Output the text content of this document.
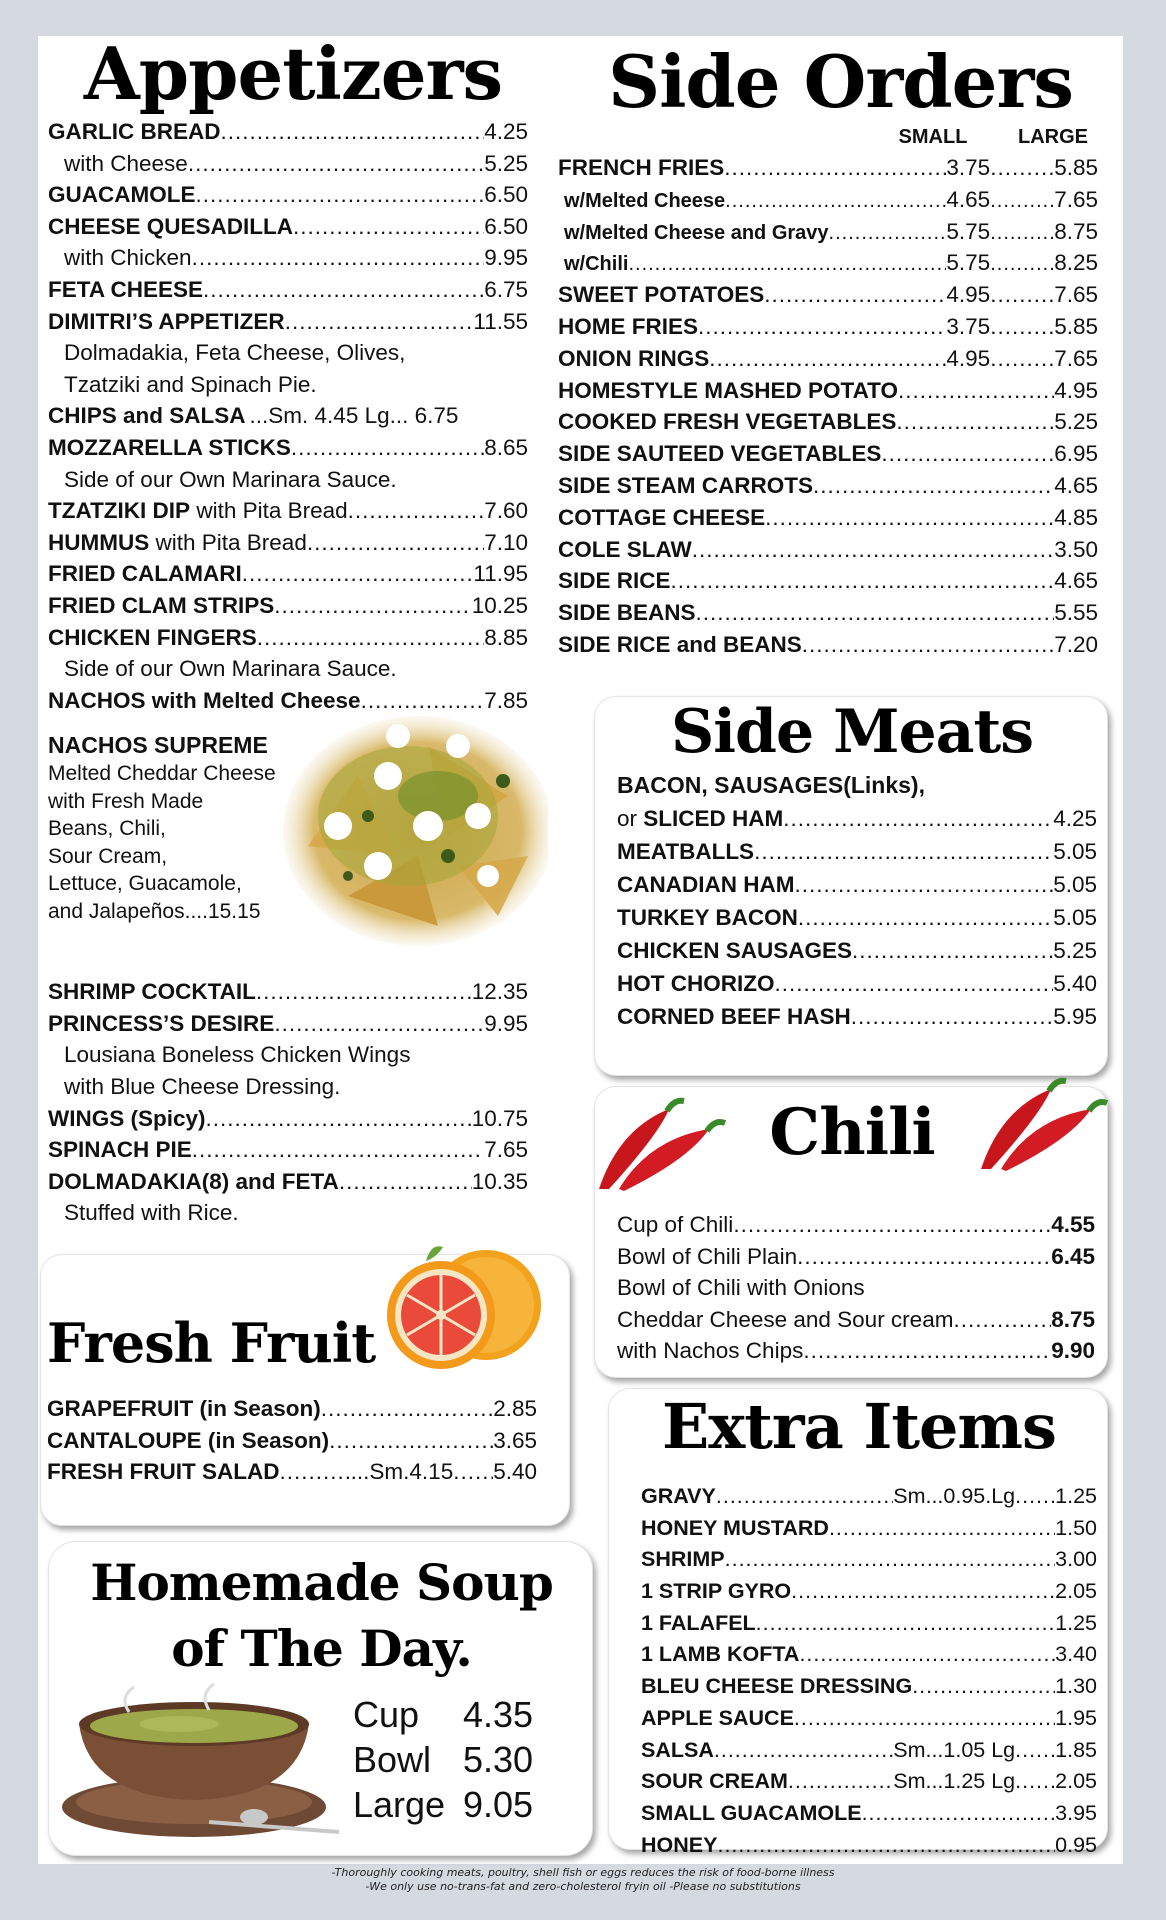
Appetizers
GARLIC BREAD .....	4.25
with Cheese .....	5.25
GUACAMOLE .....	6.50
CHEESE QUESADILLA .....	6.50
with Chicken .....	9.95
FETA CHEESE .....	6.75
DIMITRI’S APPETIZER .....	11.55
Dolmadakia, Feta Cheese, Olives,
Tzatziki and Spinach Pie.
CHIPS and SALSA ...Sm. 4.45 Lg... 6.75
MOZZARELLA STICKS .....	8.65
Side of our Own Marinara Sauce.
TZATZIKI DIP with Pita Bread .....	7.60
HUMMUS with Pita Bread .....	7.10
FRIED CALAMARI .....	11.95
FRIED CLAM STRIPS .....	10.25
CHICKEN FINGERS .....	8.85
Side of our Own Marinara Sauce.
NACHOS with Melted Cheese .....	7.85
NACHOS SUPREME
Melted Cheddar Cheese
with Fresh Made
Beans, Chili,
Sour Cream,
Lettuce, Guacamole,
and Jalapeños....15.15
SHRIMP COCKTAIL .....	12.35
PRINCESS’S DESIRE .....	9.95
Lousiana Boneless Chicken Wings
with Blue Cheese Dressing.
WINGS (Spicy) .....	10.75
SPINACH PIE .....	7.65
DOLMADAKIA(8) and FETA .....	10.35
Stuffed with Rice.
Fresh Fruit
GRAPEFRUIT (in Season) .....	2.85
CANTALOUPE (in Season) .....	3.65
FRESH FRUIT SALAD .....	...Sm.4.15 ..... 5.40
Homemade Soup
of The Day.
Cup	4.35
Bowl 5.30
Large 9.05
Side Orders
SMALL	LARGE
FRENCH FRIES .....	3.75 .....	5.85
w/Melted Cheese .....	4.65 .....	7.65
w/Melted Cheese and Gravy .....	5.75 .....	8.75
w/Chili .....	5.75 .....	8.25
SWEET POTATOES .....	4.95 .....	7.65
HOME FRIES .....	3.75 .....	5.85
ONION RINGS .....	4.95 .....	7.65
HOMESTYLE MASHED POTATO .....	4.95
COOKED FRESH VEGETABLES .....	5.25
SIDE SAUTEED VEGETABLES .....	6.95
SIDE STEAM CARROTS .....	4.65
COTTAGE CHEESE .....	4.85
COLE SLAW .....	3.50
SIDE RICE .....	4.65
SIDE BEANS .....	5.55
SIDE RICE and BEANS .....	7.20
Side Meats
BACON, SAUSAGES(Links),
or SLICED HAM .....	4.25
MEATBALLS .....	5.05
CANADIAN HAM .....	5.05
TURKEY BACON .....	5.05
CHICKEN SAUSAGES .....	5.25
HOT CHORIZO .....	5.40
CORNED BEEF HASH .....	5.95
Chili
Cup of Chili .....	4.55
Bowl of Chili Plain .....	6.45
Bowl of Chili with Onions
Cheddar Cheese and Sour cream .....	8.75
with Nachos Chips .....	9.90
Extra Items
GRAVY .....	Sm...0.95.Lg ..... 1.25
HONEY MUSTARD .....	1.50
SHRIMP .....	3.00
1 STRIP GYRO .....	2.05
1 FALAFEL .....	1.25
1 LAMB KOFTA .....	3.40
BLEU CHEESE DRESSING .....	1.30
APPLE SAUCE .....	1.95
SALSA .....	Sm...1.05 Lg ..... 1.85
SOUR CREAM .....	Sm...1.25 Lg ..... 2.05
SMALL GUACAMOLE .....	3.95
HONEY .....	0.95
-Thoroughly cooking meats, poultry, shell fish or eggs reduces the risk of food-borne illness
-We only use no-trans-fat and zero-cholesterol fryin oil -Please no substitutions
